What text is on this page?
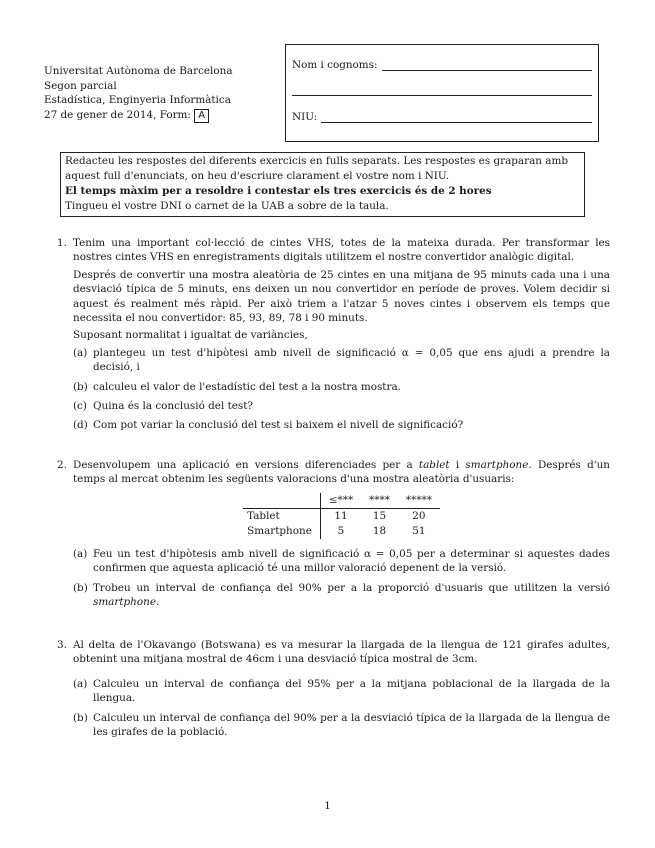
Universitat Autònoma de Barcelona
Segon parcial
Estadística, Enginyeria Informàtica
27 de gener de 2014, Form: A
Nom i cognoms:
NIU:
Redacteu les respostes del diferents exercicis en fulls separats. Les respostes es graparan amb aquest full d'enunciats, on heu d'escriure clarament el vostre nom i NIU.
El temps màxim per a resoldre i contestar els tres exercicis és de 2 hores
Tingueu el vostre DNI o carnet de la UAB a sobre de la taula.
1. Tenim una important col·lecció de cintes VHS, totes de la mateixa durada. Per transformar les nostres cintes VHS en enregistraments digitals utilitzem el nostre convertidor analògic digital.

Després de convertir una mostra aleatòria de 25 cintes en una mitjana de 95 minuts cada una i una desviació típica de 5 minuts, ens deixen un nou convertidor en període de proves. Volem decidir si aquest és realment més ràpid. Per això triem a l'atzar 5 noves cintes i observem els temps que necessita el nou convertidor: 85, 93, 89, 78 i 90 minuts.

Suposant normalitat i igualtat de variàncies,

(a) plantegeu un test d'hipòtesi amb nivell de significació α = 0,05 que ens ajudi a prendre la decisió, i
(b) calculeu el valor de l'estadístic del test a la nostra mostra.
(c) Quina és la conclusió del test?
(d) Com pot variar la conclusió del test si baixem el nivell de significació?
2. Desenvolupem una aplicació en versions diferenciades per a tablet i smartphone. Després d'un temps al mercat obtenim les següents valoracions d'una mostra aleatòria d'usuaris:

	≤***	****	*****
Tablet	11	15	20
Smartphone	5	18	51
(a) Feu un test d'hipòtesis amb nivell de significació α = 0,05 per a determinar si aquestes dades confirmen que aquesta aplicació té una millor valoració depenent de la versió.
(b) Trobeu un interval de confiança del 90% per a la proporció d'usuaris que utilitzen la versió smartphone.
3. Al delta de l'Okavango (Botswana) es va mesurar la llargada de la llengua de 121 girafes adultes, obtenint una mitjana mostral de 46cm i una desviació típica mostral de 3cm.

(a) Calculeu un interval de confiança del 95% per a la mitjana poblacional de la llargada de la llengua.
(b) Calculeu un interval de confiança del 90% per a la desviació típica de la llargada de la llengua de les girafes de la població.
1
